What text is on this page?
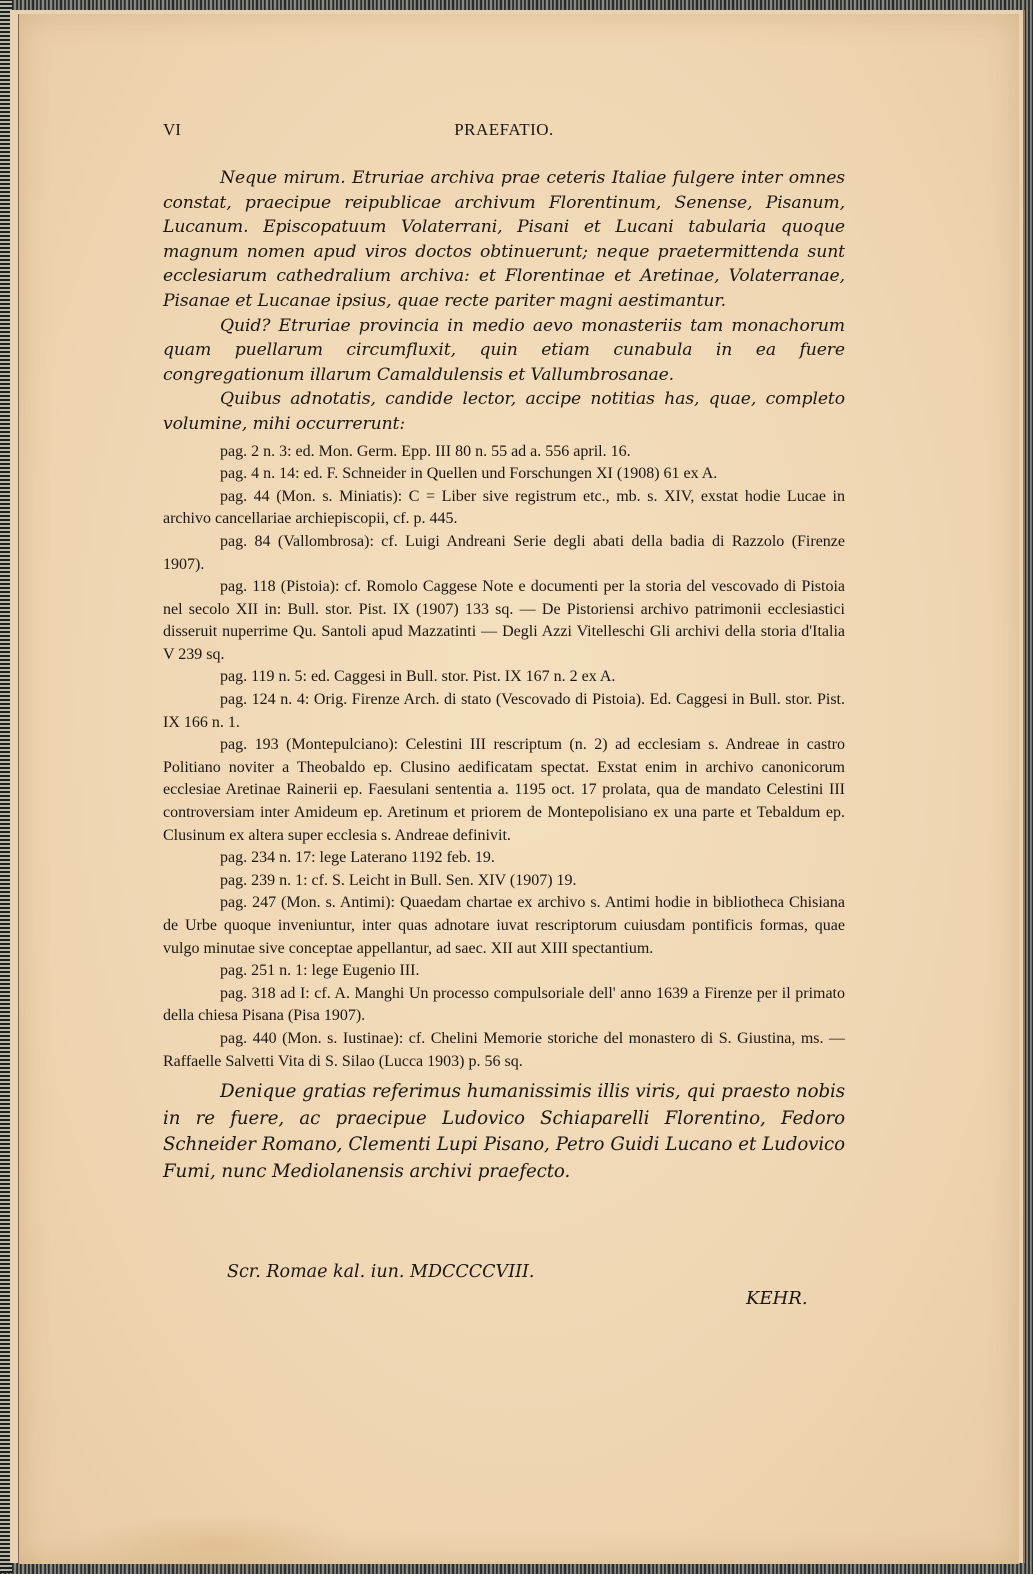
VI	PRAEFATIO.

Neque mirum. Etruriae archiva prae ceteris Italiae fulgere inter omnes constat, praecipue reipublicae archivum Florentinum, Senense, Pisanum, Lucanum. Episcopatuum Volaterrani, Pisani et Lucani tabularia quoque magnum nomen apud viros doctos obtinuerunt; neque praetermittenda sunt ecclesiarum cathedralium archiva: et Florentinae et Aretinae, Volaterranae, Pisanae et Lucanae ipsius, quae recte pariter magni aestimantur.

Quid? Etruriae provincia in medio aevo monasteriis tam monachorum quam puellarum circumfluxit, quin etiam cunabula in ea fuere congregationum illarum Camaldulensis et Vallumbrosanae.

Quibus adnotatis, candide lector, accipe notitias has, quae, completo volumine, mihi occurrerunt:

pag. 2 n. 3: ed. Mon. Germ. Epp. III 80 n. 55 ad a. 556 april. 16.

pag. 4 n. 14: ed. F. Schneider in Quellen und Forschungen XI (1908) 61 ex A.

pag. 44 (Mon. s. Miniatis): C = Liber sive registrum etc., mb. s. XIV, exstat hodie Lucae in archivo cancellariae archiepiscopii, cf. p. 445.

pag. 84 (Vallombrosa): cf. Luigi Andreani Serie degli abati della badia di Razzolo (Firenze 1907).

pag. 118 (Pistoia): cf. Romolo Caggese Note e documenti per la storia del vescovado di Pistoia nel secolo XII in: Bull. stor. Pist. IX (1907) 133 sq. — De Pistoriensi archivo patrimonii ecclesiastici disseruit nuperrime Qu. Santoli apud Mazzatinti — Degli Azzi Vitelleschi Gli archivi della storia d'Italia V 239 sq.

pag. 119 n. 5: ed. Caggesi in Bull. stor. Pist. IX 167 n. 2 ex A.

pag. 124 n. 4: Orig. Firenze Arch. di stato (Vescovado di Pistoia). Ed. Caggesi in Bull. stor. Pist. IX 166 n. 1.

pag. 193 (Montepulciano): Celestini III rescriptum (n. 2) ad ecclesiam s. Andreae in castro Politiano noviter a Theobaldo ep. Clusino aedificatam spectat. Exstat enim in archivo canonicorum ecclesiae Aretinae Rainerii ep. Faesulani sententia a. 1195 oct. 17 prolata, qua de mandato Celestini III controversiam inter Amideum ep. Aretinum et priorem de Montepolisiano ex una parte et Tebaldum ep. Clusinum ex altera super ecclesia s. Andreae definivit.

pag. 234 n. 17: lege Laterano 1192 feb. 19.

pag. 239 n. 1: cf. S. Leicht in Bull. Sen. XIV (1907) 19.

pag. 247 (Mon. s. Antimi): Quaedam chartae ex archivo s. Antimi hodie in bibliotheca Chisiana de Urbe quoque inveniuntur, inter quas adnotare iuvat rescriptorum cuiusdam pontificis formas, quae vulgo minutae sive conceptae appellantur, ad saec. XII aut XIII spectantium.

pag. 251 n. 1: lege Eugenio III.

pag. 318 ad I: cf. A. Manghi Un processo compulsoriale dell' anno 1639 a Firenze per il primato della chiesa Pisana (Pisa 1907).

pag. 440 (Mon. s. Iustinae): cf. Chelini Memorie storiche del monastero di S. Giustina, ms. — Raffaelle Salvetti Vita di S. Silao (Lucca 1903) p. 56 sq.

Denique gratias referimus humanissimis illis viris, qui praesto nobis in re fuere, ac praecipue Ludovico Schiaparelli Florentino, Fedoro Schneider Romano, Clementi Lupi Pisano, Petro Guidi Lucano et Ludovico Fumi, nunc Mediolanensis archivi praefecto.

Scr. Romae kal. iun. MDCCCCVIII.
KEHR.
